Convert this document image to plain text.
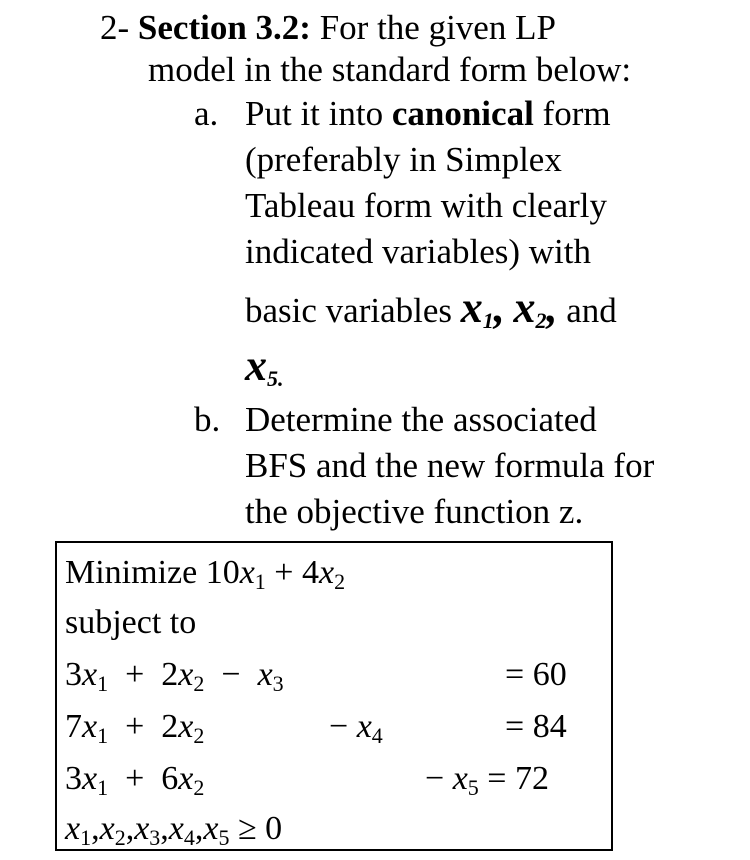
2- Section 3.2: For the given LP
model in the standard form below:
a. Put it into canonical form
(preferably in Simplex
Tableau form with clearly
indicated variables) with
basic variables $x_1$, $x_2$, and
$x_{5.}$
b. Determine the associated
BFS and the new formula for
the objective function z.
Minimize $10x_1 + 4x_2$
subject to
$3x_1 + 2x_2 - x_3$	= 60
$7x_1 + 2x_2$	− $x_4$	= 84
$3x_1 + 6x_2$	− $x_5 = 72$
$x_1,x_2,x_3,x_4,x_5 \ge 0$
